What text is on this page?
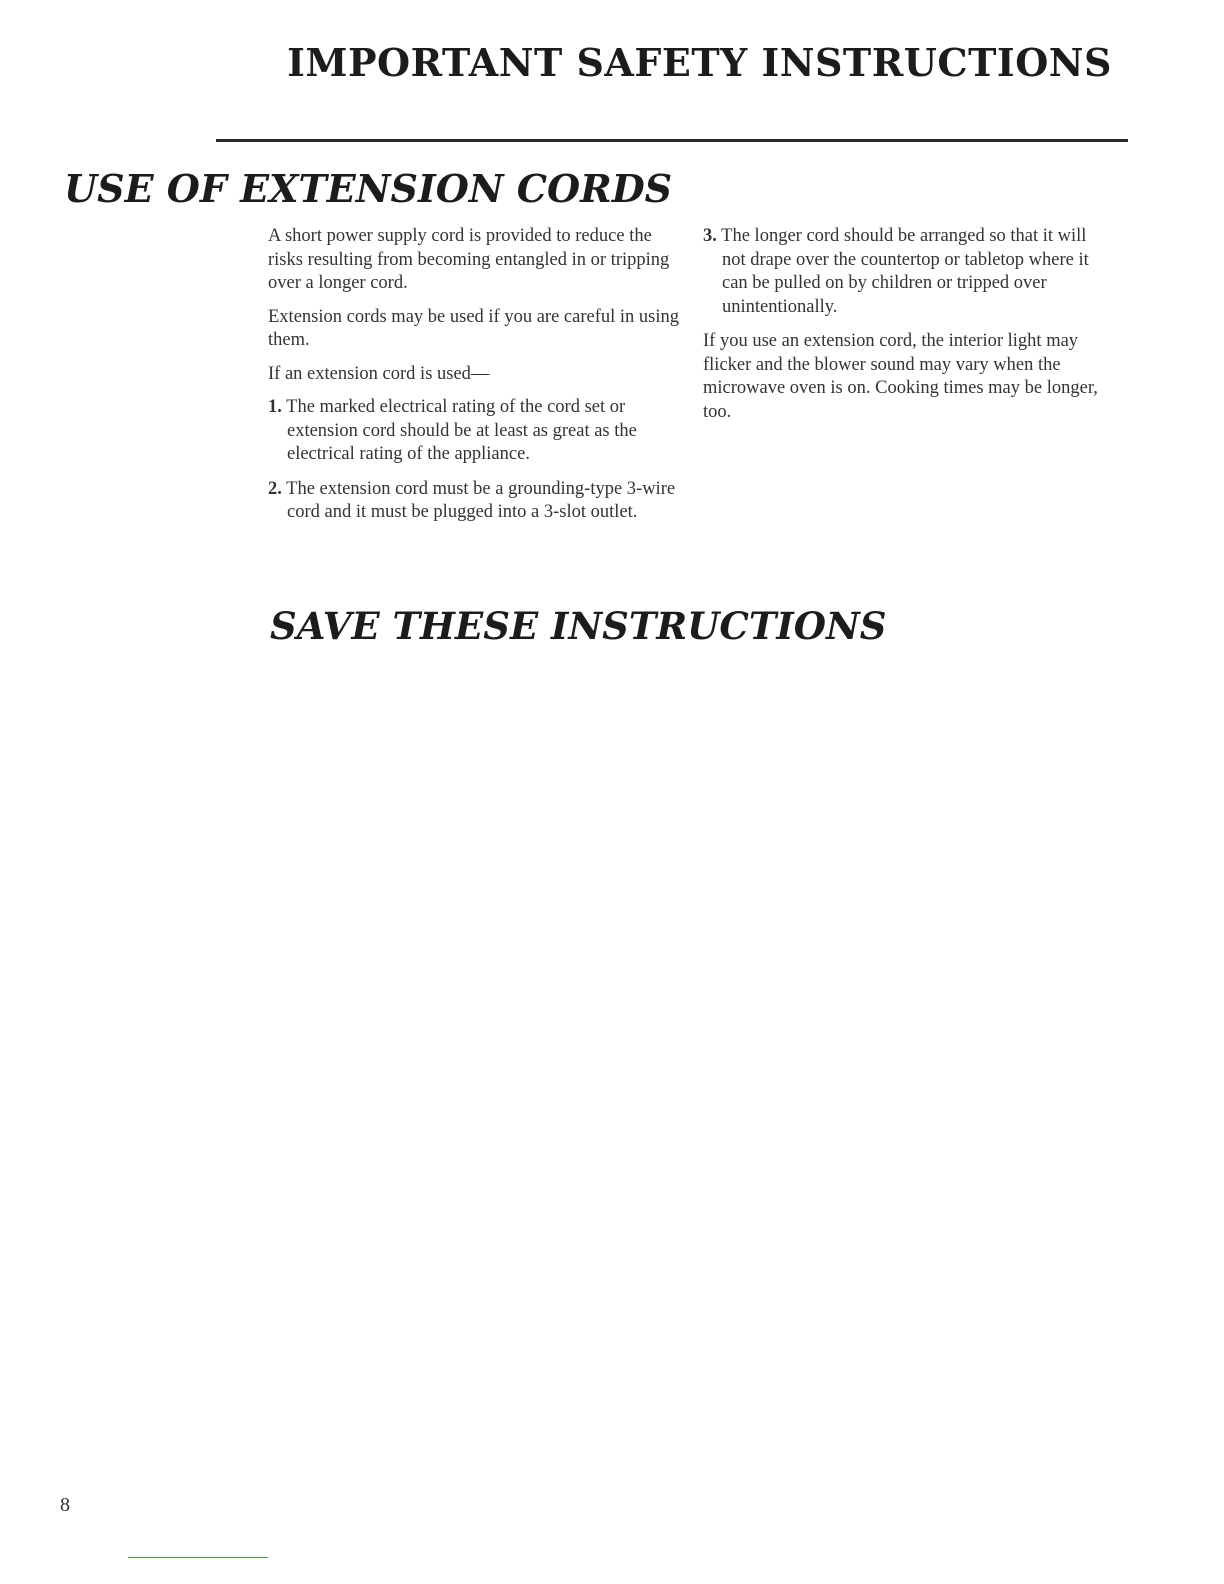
IMPORTANT SAFETY INSTRUCTIONS
USE OF EXTENSION CORDS

A short power supply cord is provided to reduce the risks resulting from becoming entangled in or tripping over a longer cord.

Extension cords may be used if you are careful in using them.

If an extension cord is used—

1. The marked electrical rating of the cord set or extension cord should be at least as great as the electrical rating of the appliance.
2. The extension cord must be a grounding-type 3-wire cord and it must be plugged into a 3-slot outlet.
3. The longer cord should be arranged so that it will not drape over the countertop or tabletop where it can be pulled on by children or tripped over unintentionally.

If you use an extension cord, the interior light may flicker and the blower sound may vary when the microwave oven is on. Cooking times may be longer, too.

SAVE THESE INSTRUCTIONS
8
